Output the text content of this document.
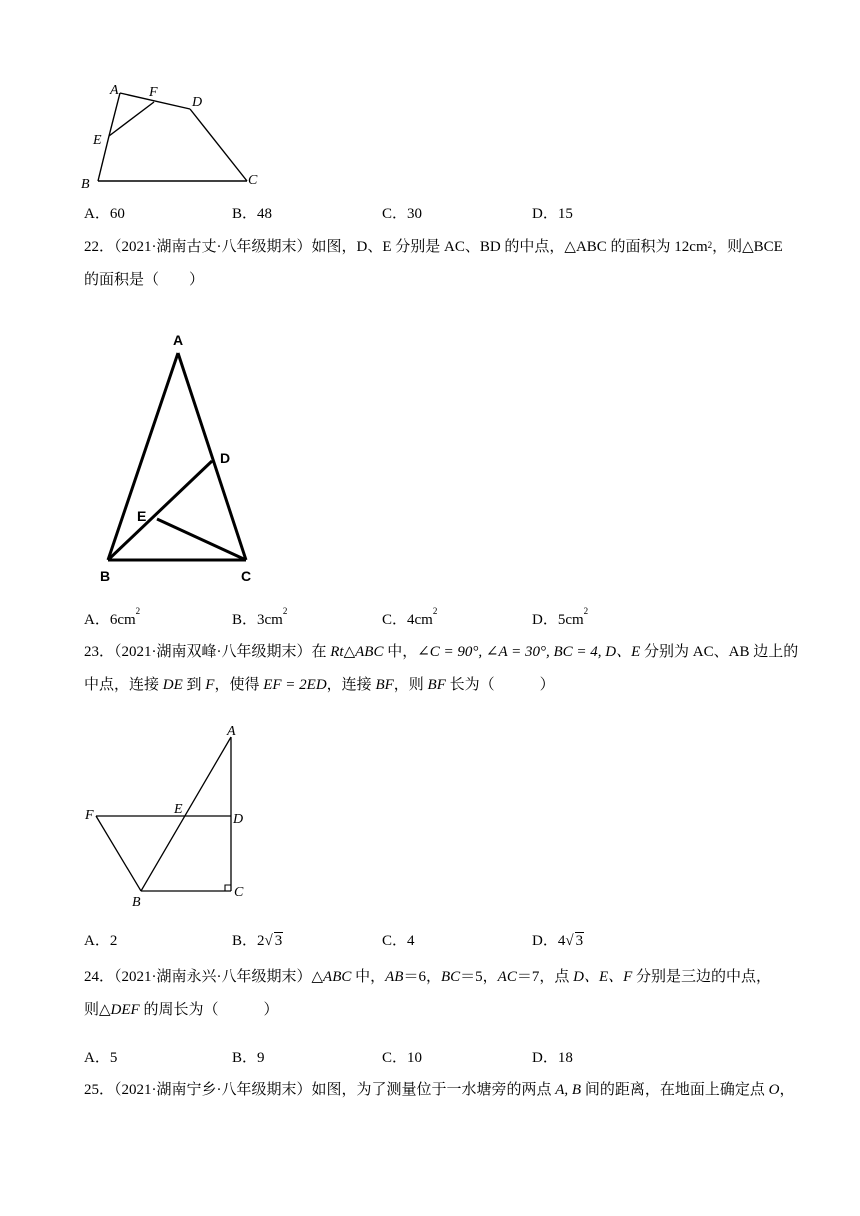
A F
D
E
B	C
A．60	B．48	C．30	D．15
22．（2021·湖南古丈·八年级期末）如图，D、E 分别是 AC、BD 的中点，△ABC 的面积为 $12cm^2$，则△BCE
的面积是（　　）
A
D
E
B	C
A．$6cm^2$
B．$3cm^2$
C．$4cm^2$
D．$5cm^2$
23．（2021·湖南双峰·八年级期末）在 Rt△ABC 中，∠C = 90°, ∠A = 30°, BC = 4, D、E 分别为 AC、AB 边上的
中点，连接 DE 到 F，使得 EF = 2ED，连接 BF，则 BF 长为（　　　）
A
F	E
D
B
C
A．2	B．2√ 3	C．4	D．4√ 3
24．（2021·湖南永兴·八年级期末）△ABC 中，AB＝6，BC＝5，AC＝7，点 D、E、F 分别是三边的中点，
则△DEF 的周长为（　　　）
A．5	B．9	C．10	D．18
25．（2021·湖南宁乡·八年级期末）如图，为了测量位于一水塘旁的两点 A, B 间的距离，在地面上确定点 O，
